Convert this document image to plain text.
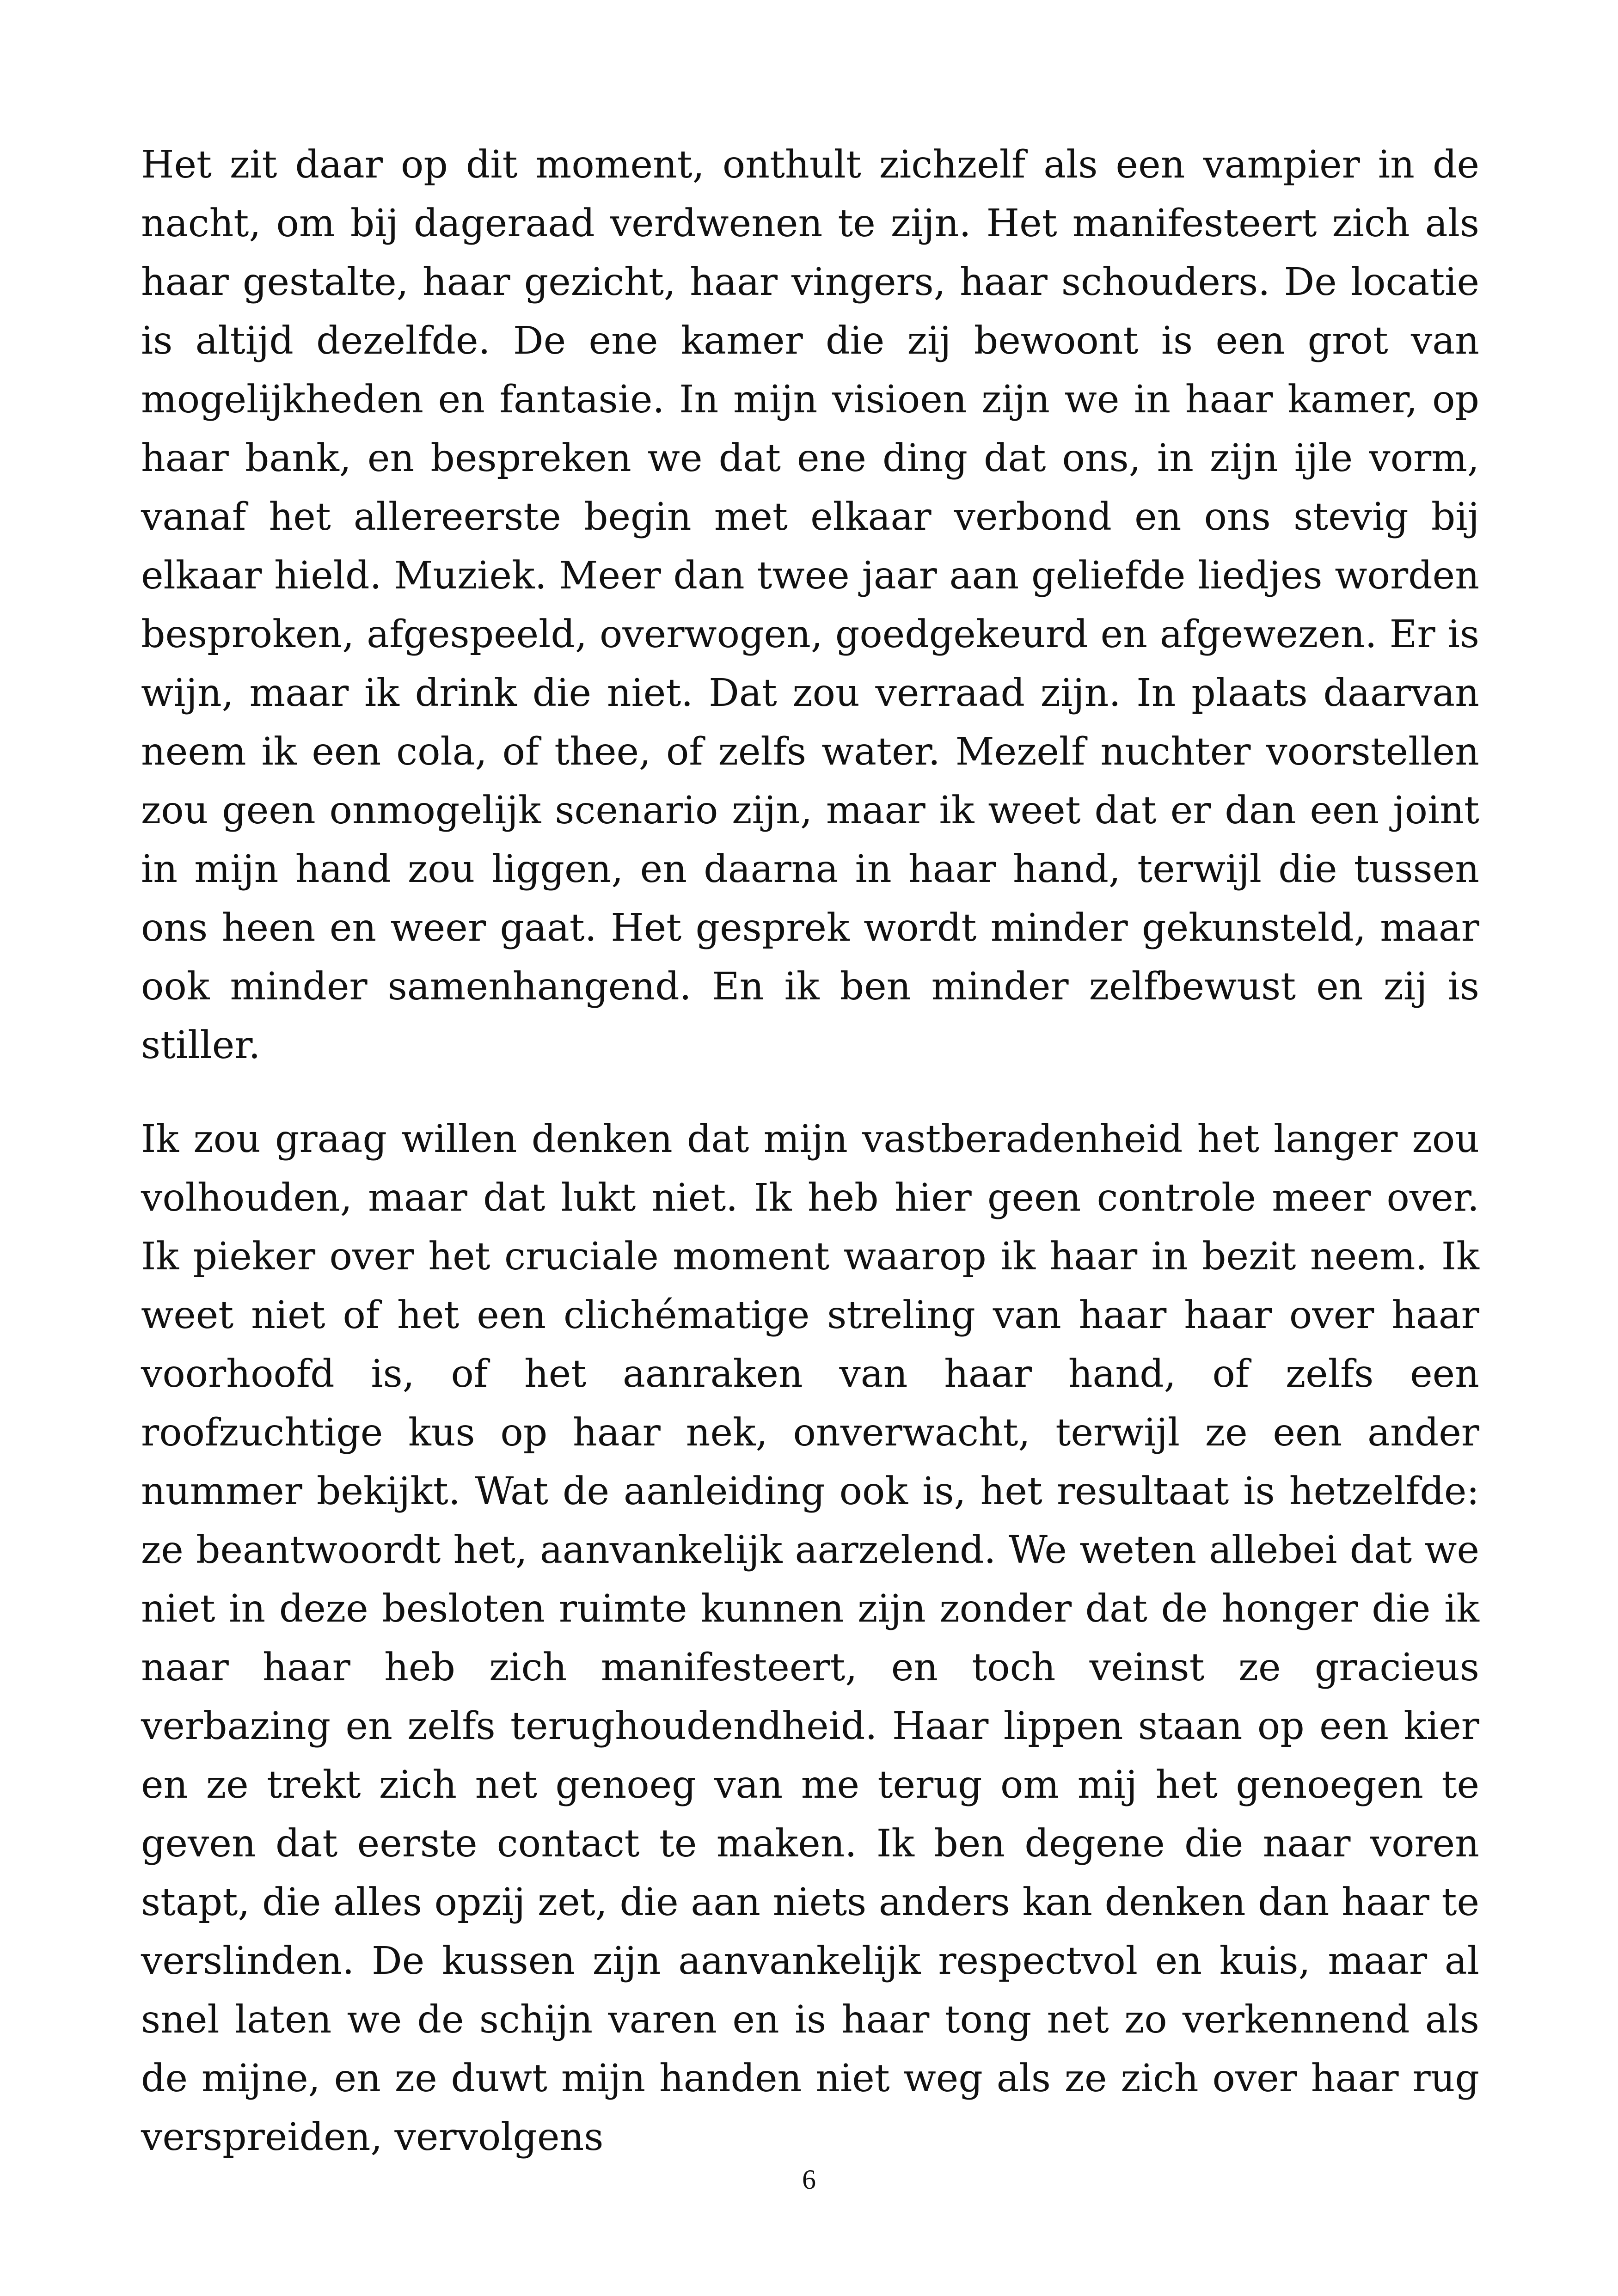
Het zit daar op dit moment, onthult zichzelf als een vampier in de nacht, om bij dageraad verdwenen te zijn. Het manifesteert zich als haar gestalte, haar gezicht, haar vingers, haar schouders. De locatie is altijd dezelfde. De ene kamer die zij bewoont is een grot van mogelijkheden en fantasie. In mijn visioen zijn we in haar kamer, op haar bank, en bespreken we dat ene ding dat ons, in zijn ijle vorm, vanaf het allereerste begin met elkaar verbond en ons stevig bij elkaar hield. Muziek. Meer dan twee jaar aan geliefde liedjes worden besproken, afgespeeld, overwogen, goedgekeurd en afgewezen. Er is wijn, maar ik drink die niet. Dat zou verraad zijn. In plaats daarvan neem ik een cola, of thee, of zelfs water. Mezelf nuchter voorstellen zou geen onmogelijk scenario zijn, maar ik weet dat er dan een joint in mijn hand zou liggen, en daarna in haar hand, terwijl die tussen ons heen en weer gaat. Het gesprek wordt minder gekunsteld, maar ook minder samenhangend. En ik ben minder zelfbewust en zij is stiller.

Ik zou graag willen denken dat mijn vastberadenheid het langer zou volhouden, maar dat lukt niet. Ik heb hier geen controle meer over. Ik pieker over het cruciale moment waarop ik haar in bezit neem. Ik weet niet of het een clichématige streling van haar haar over haar voorhoofd is, of het aanraken van haar hand, of zelfs een roofzuchtige kus op haar nek, onverwacht, terwijl ze een ander nummer bekijkt. Wat de aanleiding ook is, het resultaat is hetzelfde: ze beantwoordt het, aanvankelijk aarzelend. We weten allebei dat we niet in deze besloten ruimte kunnen zijn zonder dat de honger die ik naar haar heb zich manifesteert, en toch veinst ze gracieus verbazing en zelfs terughoudendheid. Haar lippen staan op een kier en ze trekt zich net genoeg van me terug om mij het genoegen te geven dat eerste contact te maken. Ik ben degene die naar voren stapt, die alles opzij zet, die aan niets anders kan denken dan haar te verslinden. De kussen zijn aanvankelijk respectvol en kuis, maar al snel laten we de schijn varen en is haar tong net zo verkennend als de mijne, en ze duwt mijn handen niet weg als ze zich over haar rug verspreiden, vervolgens

6
